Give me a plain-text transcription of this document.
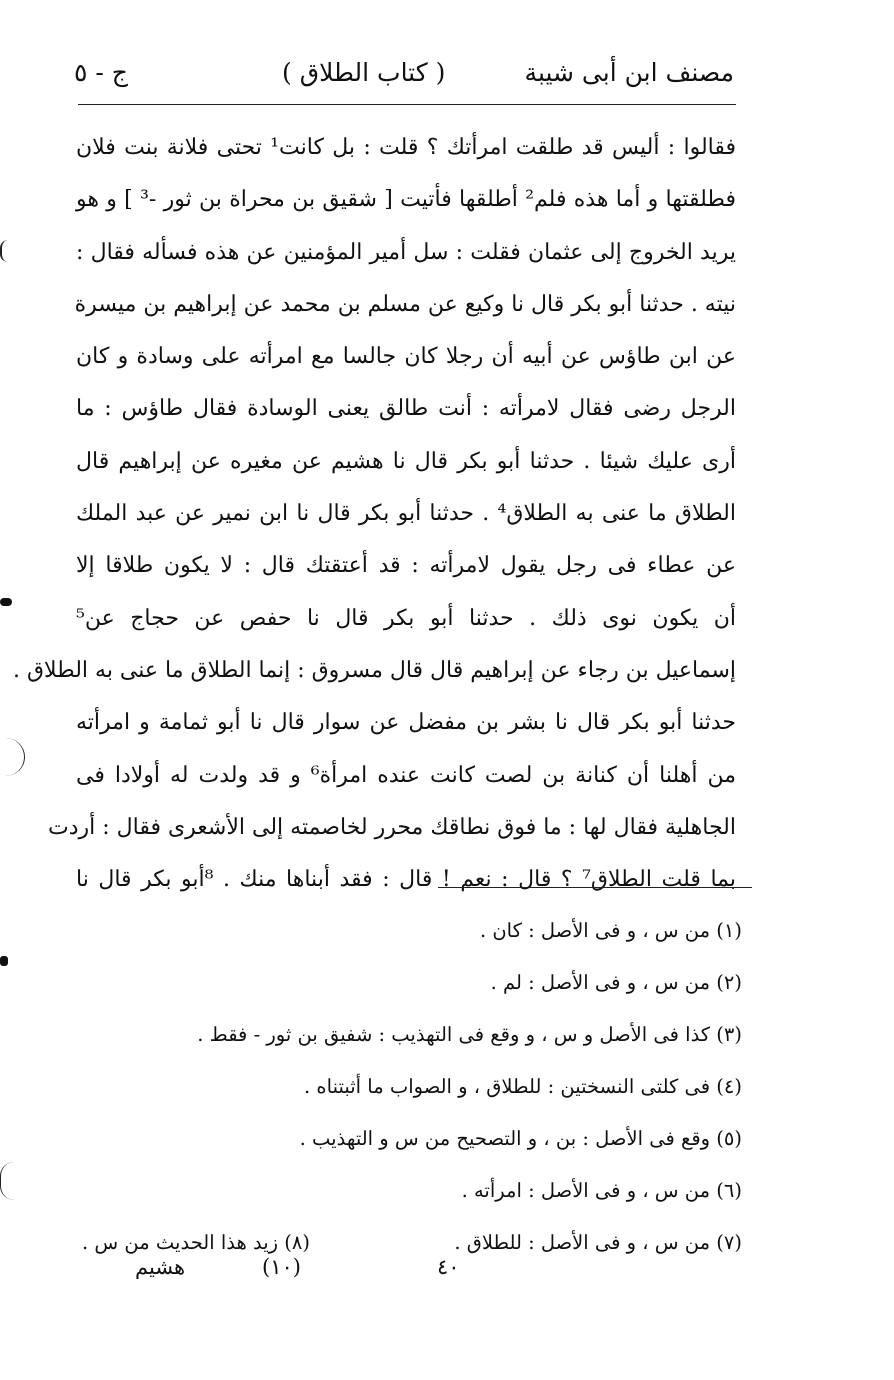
مصنف ابن أبى شيبة
( كتاب الطلاق )
ج - ٥
فقالوا : أليس قد طلقت امرأتك ؟ قلت : بل كانت¹ تحتى فلانة بنت فلان
فطلقتها و أما هذه فلم² أطلقها فأتيت [ شقيق بن محراة بن ثور -³ ] و هو
يريد الخروج إلى عثمان فقلت : سل أمير المؤمنين عن هذه فسأله فقال :
نيته . حدثنا أبو بكر قال نا وكيع عن مسلم بن محمد عن إبراهيم بن ميسرة
عن ابن طاؤس عن أبيه أن رجلا كان جالسا مع امرأته على وسادة و كان
الرجل رضى فقال لامرأته : أنت طالق يعنى الوسادة فقال طاؤس : ما
أرى عليك شيئا . حدثنا أبو بكر قال نا هشيم عن مغيره عن إبراهيم قال
الطلاق ما عنى به الطلاق⁴ . حدثنا أبو بكر قال نا ابن نمير عن عبد الملك
عن عطاء فى رجل يقول لامرأته : قد أعتقتك قال : لا يكون طلاقا إلا
أن يكون نوى ذلك . حدثنا أبو بكر قال نا حفص عن حجاج عن⁵
إسماعيل بن رجاء عن إبراهيم قال قال مسروق : إنما الطلاق ما عنى به الطلاق .
حدثنا أبو بكر قال نا بشر بن مفضل عن سوار قال نا أبو ثمامة و امرأته
من أهلنا أن كنانة بن لصت كانت عنده امرأة⁶ و قد ولدت له أولادا فى
الجاهلية فقال لها : ما فوق نطاقك محرر لخاصمته إلى الأشعرى فقال : أردت
بما قلت الطلاق⁷ ؟ قال : نعم ! قال : فقد أبناها منك . ⁸أبو بكر قال نا
(١) من س ، و فى الأصل : كان .
(٢) من س ، و فى الأصل : لم .
(٣) كذا فى الأصل و س ، و وقع فى التهذيب : شفيق بن ثور - فقط .
(٤) فى كلتى النسختين : للطلاق ، و الصواب ما أثبتناه .
(٥) وقع فى الأصل : بن ، و التصحيح من س و التهذيب .
(٦) من س ، و فى الأصل : امرأته .
(٧) من س ، و فى الأصل : للطلاق .
(٨) زيد هذا الحديث من س .
٤٠
(١٠)
هشيم
